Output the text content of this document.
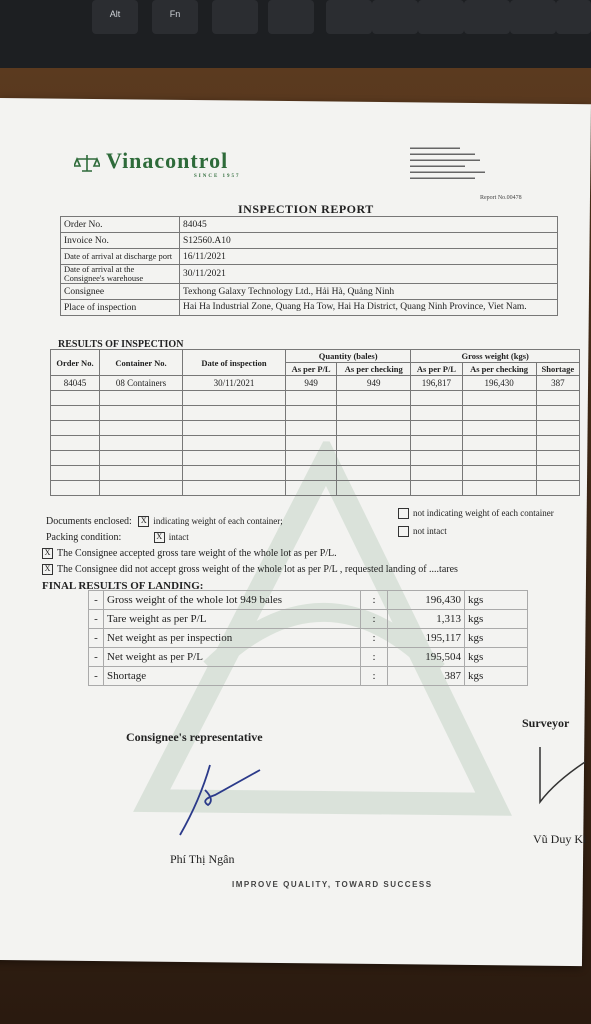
Alt	Fn
Vinacontrol
SINCE 1957
▬▬▬▬▬▬▬▬▬▬
▬▬▬▬▬▬▬▬▬▬▬▬▬
▬▬▬▬▬▬▬▬▬▬▬▬▬▬
▬▬▬▬▬▬▬▬▬▬▬
▬▬▬▬▬▬▬▬▬▬▬▬▬▬▬
▬▬▬▬▬▬▬▬▬▬▬▬▬
Report No.00478
INSPECTION REPORT
Order No.	84045
Invoice No.	S12560.A10
Date of arrival at discharge port	16/11/2021
Date of arrival at the Consignee's warehouse	30/11/2021
Consignee	Texhong Galaxy Technology Ltd., Hải Hà, Quảng Ninh
Place of inspection	Hai Ha Industrial Zone, Quang Ha Tow, Hai Ha District, Quang Ninh Province, Viet Nam.
RESULTS OF INSPECTION
Order No.	Container No.	Date of inspection	Quantity (bales)		Gross weight (kgs)		
			As per P/L	As per checking	As per P/L	As per checking	Shortage
84045	08 Containers	30/11/2021	949	949	196,817	196,430	387

Documents enclosed: X indicating weight of each container;
not indicating weight of each container
Packing condition:	X intact
not intact
X The Consignee accepted gross tare weight of the whole lot as per P/L.
X The Consignee did not accept gross weight of the whole lot as per P/L , requested landing of ....tares
FINAL RESULTS OF LANDING:
-	Gross weight of the whole lot 949 bales	:	196,430	kgs
-	Tare weight as per P/L	:	1,313	kgs
-	Net weight as per inspection	:	195,117	kgs
-	Net weight as per P/L	:	195,504	kgs
-	Shortage	:	387	kgs
Consignee's representative
Surveyor
Phí Thị Ngân
Vũ Duy Ki
IMPROVE QUALITY, TOWARD SUCCESS
